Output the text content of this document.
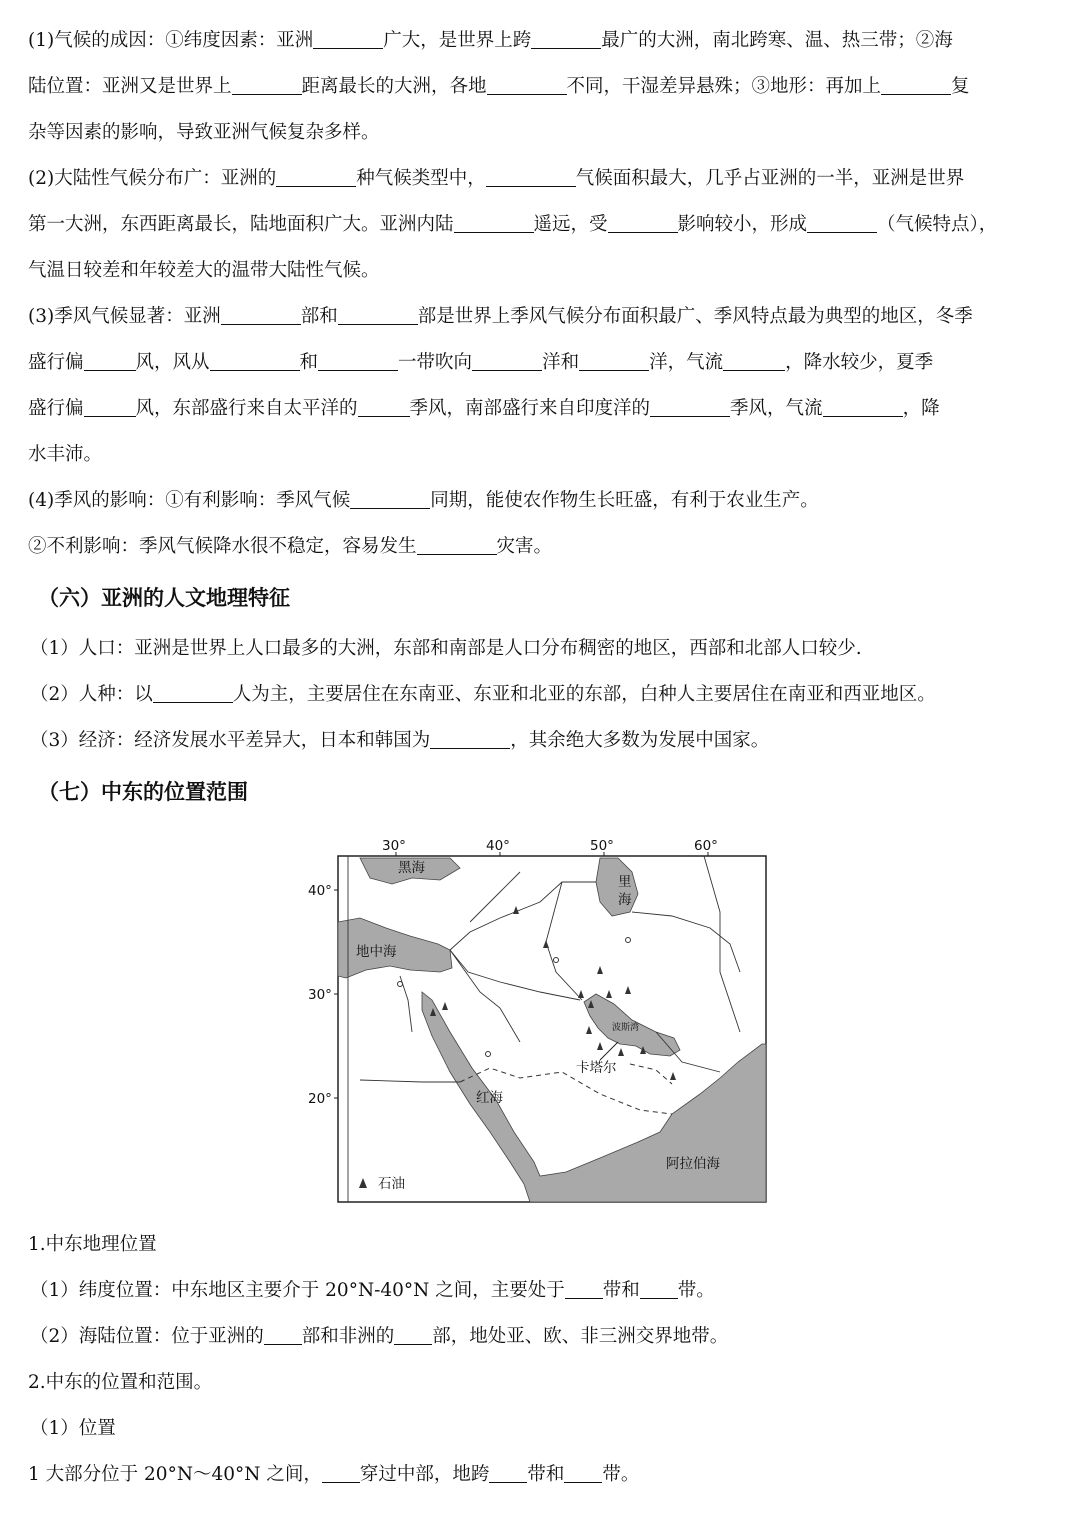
(1)气候的成因：①纬度因素：亚洲	广大，是世界上跨	最广的大洲，南北跨寒、温、热三带；②海

陆位置：亚洲又是世界上	距离最长的大洲，各地	不同，干湿差异悬殊；③地形：再加上	复

杂等因素的影响，导致亚洲气候复杂多样。

(2)大陆性气候分布广：亚洲的	种气候类型中，	气候面积最大，几乎占亚洲的一半，亚洲是世界

第一大洲，东西距离最长，陆地面积广大。亚洲内陆	遥远，受	影响较小，形成	（气候特点），

气温日较差和年较差大的温带大陆性气候。

(3)季风气候显著：亚洲	部和	部是世界上季风气候分布面积最广、季风特点最为典型的地区，冬季

盛行偏	风，风从	和	一带吹向	洋和	洋，气流	，降水较少，夏季

盛行偏	风，东部盛行来自太平洋的	季风，南部盛行来自印度洋的	季风，气流	，降

水丰沛。

(4)季风的影响：①有利影响：季风气候	同期，能使农作物生长旺盛，有利于农业生产。

②不利影响：季风气候降水很不稳定，容易发生	灾害。

（六）亚洲的人文地理特征

（1）人口：亚洲是世界上人口最多的大洲，东部和南部是人口分布稠密的地区，西部和北部人口较少.

（2）人种：以	人为主，主要居住在东南亚、东亚和北亚的东部，白种人主要居住在南亚和西亚地区。

（3）经济：经济发展水平差异大，日本和韩国为	，其余绝大多数为发展中国家。

（七）中东的位置范围
30°	40°	50°	60°
40°
30°
20°
黑海
里
海
地中海
波斯湾
卡塔尔
红海
阿拉伯海
石油

1.中东地理位置

（1）纬度位置：中东地区主要介于 20°N-40°N 之间，主要处于 带和 带。

（2）海陆位置：位于亚洲的 部和非洲的 部，地处亚、欧、非三洲交界地带。

2.中东的位置和范围。

（1）位置

1 大部分位于 20°N～40°N 之间， 穿过中部，地跨 带和 带。
